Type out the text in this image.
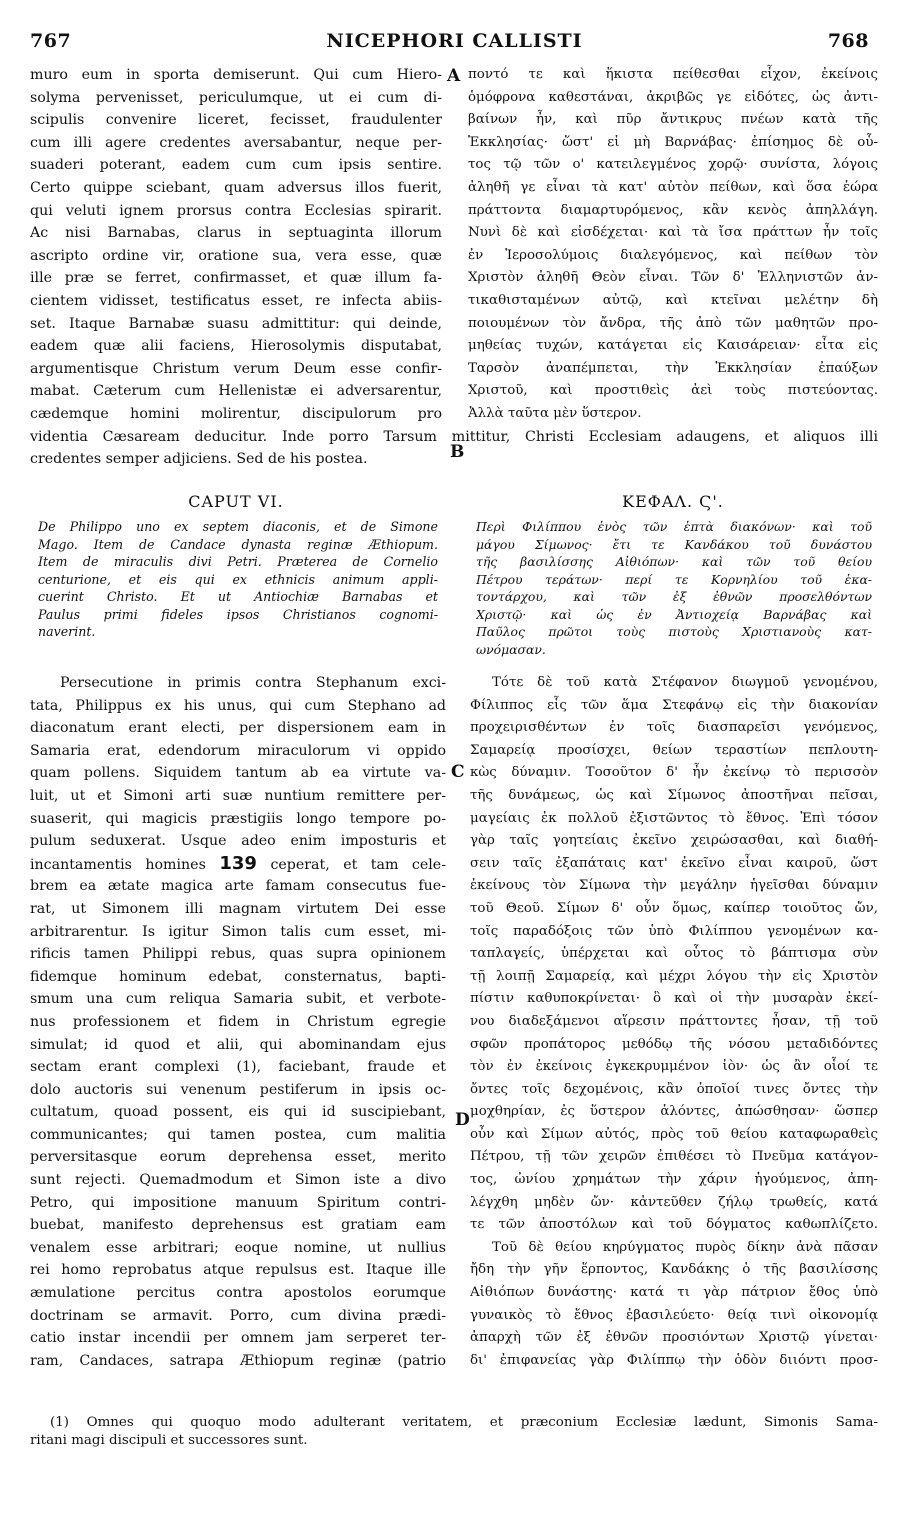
767	NICEPHORI CALLISTI	768
muro eum in sporta demiserunt. Qui cum Hiero-
solyma pervenisset, periculumque, ut ei cum di-
scipulis convenire liceret, fecisset, fraudulenter
cum illi agere credentes aversabantur, neque per-
suaderi poterant, eadem cum cum ipsis sentire.
Certo quippe sciebant, quam adversus illos fuerit,
qui veluti ignem prorsus contra Ecclesias spirarit.
Ac nisi Barnabas, clarus in septuaginta illorum
ascripto ordine vir, oratione sua, vera esse, quæ
ille præ se ferret, confirmasset, et quæ illum fa-
cientem vidisset, testificatus esset, re infecta abiis-
set. Itaque Barnabæ suasu admittitur: qui deinde,
eadem quæ alii faciens, Hierosolymis disputabat,
argumentisque Christum verum Deum esse confir-
mabat. Cæterum cum Hellenistæ ei adversarentur,
cædemque homini molirentur, discipulorum pro
ποντό τε καὶ ἥκιστα πείθεσθαι εἶχον, ἐκείνοις
ὁμόφρονα καθεστάναι, ἀκριβῶς γε εἰδότες, ὡς ἀντι-
βαίνων ἦν, καὶ πῦρ ἄντικρυς πνέων κατὰ τῆς
Ἐκκλησίας· ὥστ' εἰ μὴ Βαρνάβας· ἐπίσημος δὲ οὗ-
τος τῷ τῶν ο' κατειλεγμένος χορῷ· συνίστα, λόγοις
ἀληθῆ γε εἶναι τὰ κατ' αὐτὸν πείθων, καὶ ὅσα ἑώρα
πράττοντα διαμαρτυρόμενος, κἂν κενὸς ἀπηλλάγη.
Νυνὶ δὲ καὶ εἰσδέχεται· καὶ τὰ ἴσα πράττων ἦν τοῖς
ἐν Ἱεροσολύμοις διαλεγόμενος, καὶ πείθων τὸν
Χριστὸν ἀληθῆ Θεὸν εἶναι. Τῶν δ' Ἑλληνιστῶν ἀν-
τικαθισταμένων αὐτῷ, καὶ κτεῖναι μελέτην δὴ
ποιουμένων τὸν ἄνδρα, τῆς ἀπὸ τῶν μαθητῶν προ-
μηθείας τυχών, κατάγεται εἰς Καισάρειαν· εἶτα εἰς
Ταρσὸν ἀναπέμπεται, τὴν Ἐκκλησίαν ἐπαύξων
Χριστοῦ, καὶ προστιθεὶς ἀεὶ τοὺς πιστεύοντας.
Ἀλλὰ ταῦτα μὲν ὕστερον.
A
B
C
D
videntia Cæsaream deducitur. Inde porro Tarsum mittitur, Christi Ecclesiam adaugens, et aliquos illi
credentes semper adjiciens. Sed de his postea.
CAPUT VI.	ΚΕΦΑΛ. Ϛ'.
De Philippo uno ex septem diaconis, et de Simone
Mago. Item de Candace dynasta reginæ Æthiopum.
Item de miraculis divi Petri. Præterea de Cornelio
centurione, et eis qui ex ethnicis animum appli-
cuerint Christo. Et ut Antiochiæ Barnabas et
Paulus primi fideles ipsos Christianos cognomi-
naverint.
Περὶ Φιλίππου ἑνὸς τῶν ἑπτὰ διακόνων· καὶ τοῦ
μάγου Σίμωνος· ἔτι τε Κανδάκου τοῦ δυνάστου
τῆς βασιλίσσης Αἰθιόπων· καὶ τῶν τοῦ θείου
Πέτρου τεράτων· περί τε Κορνηλίου τοῦ ἑκα-
τοντάρχου, καὶ τῶν ἐξ ἐθνῶν προσελθόντων
Χριστῷ· καὶ ὡς ἐν Ἀντιοχείᾳ Βαρνάβας καὶ
Παῦλος πρῶτοι τοὺς πιστοὺς Χριστιανοὺς κατ-
ωνόμασαν.
Persecutione in primis contra Stephanum exci-
tata, Philippus ex his unus, qui cum Stephano ad
diaconatum erant electi, per dispersionem eam in
Samaria erat, edendorum miraculorum vi oppido
quam pollens. Siquidem tantum ab ea virtute va-
luit, ut et Simoni arti suæ nuntium remittere per-
suaserit, qui magicis præstigiis longo tempore po-
pulum seduxerat. Usque adeo enim imposturis et
incantamentis homines 139 ceperat, et tam cele-
brem ea ætate magica arte famam consecutus fue-
rat, ut Simonem illi magnam virtutem Dei esse
arbitrarentur. Is igitur Simon talis cum esset, mi-
rificis tamen Philippi rebus, quas supra opinionem
fidemque hominum edebat, consternatus, bapti-
smum una cum reliqua Samaria subit, et verbote-
nus professionem et fidem in Christum egregie
simulat; id quod et alii, qui abominandam ejus
sectam erant complexi (1), faciebant, fraude et
dolo auctoris sui venenum pestiferum in ipsis oc-
cultatum, quoad possent, eis qui id suscipiebant,
communicantes; qui tamen postea, cum malitia
perversitasque eorum deprehensa esset, merito
sunt rejecti. Quemadmodum et Simon iste a divo
Petro, qui impositione manuum Spiritum contri-
buebat, manifesto deprehensus est gratiam eam
venalem esse arbitrari; eoque nomine, ut nullius
rei homo reprobatus atque repulsus est. Itaque ille
æmulatione percitus contra apostolos eorumque
doctrinam se armavit. Porro, cum divina prædi-
catio instar incendii per omnem jam serperet ter-
ram, Candaces, satrapa Æthiopum reginæ (patrio
Τότε δὲ τοῦ κατὰ Στέφανον διωγμοῦ γενομένου,
Φίλιππος εἷς τῶν ἅμα Στεφάνῳ εἰς τὴν διακονίαν
προχειρισθέντων ἐν τοῖς διασπαρεῖσι γενόμενος,
Σαμαρείᾳ προσίσχει, θείων τεραστίων πεπλουτη-
κὼς δύναμιν. Τοσοῦτον δ' ἦν ἐκείνῳ τὸ περισσὸν
τῆς δυνάμεως, ὡς καὶ Σίμωνος ἀποστῆναι πεῖσαι,
μαγείαις ἐκ πολλοῦ ἐξιστῶντος τὸ ἔθνος. Ἐπὶ τόσον
γὰρ ταῖς γοητείαις ἐκεῖνο χειρώσασθαι, καὶ διαθή-
σειν ταῖς ἐξαπάταις κατ' ἐκεῖνο εἶναι καιροῦ, ὥστ
ἐκείνους τὸν Σίμωνα τὴν μεγάλην ἡγεῖσθαι δύναμιν
τοῦ Θεοῦ. Σίμων δ' οὖν ὅμως, καίπερ τοιοῦτος ὤν,
τοῖς παραδόξοις τῶν ὑπὸ Φιλίππου γενομένων κα-
ταπλαγείς, ὑπέρχεται καὶ οὗτος τὸ βάπτισμα σὺν
τῇ λοιπῇ Σαμαρείᾳ, καὶ μέχρι λόγου τὴν εἰς Χριστὸν
πίστιν καθυποκρίνεται· ὃ καὶ οἱ τὴν μυσαρὰν ἐκεί-
νου διαδεξάμενοι αἵρεσιν πράττοντες ἦσαν, τῇ τοῦ
σφῶν προπάτορος μεθόδῳ τῆς νόσου μεταδιδόντες
τὸν ἐν ἐκείνοις ἐγκεκρυμμένον ἰὸν· ὡς ἂν οἷοί τε
ὄντες τοῖς δεχομένοις, κἂν ὁποῖοί τινες ὄντες τὴν
μοχθηρίαν, ἐς ὕστερον ἁλόντες, ἀπώσθησαν· ὥσπερ
οὖν καὶ Σίμων αὐτός, πρὸς τοῦ θείου καταφωραθεὶς
Πέτρου, τῇ τῶν χειρῶν ἐπιθέσει τὸ Πνεῦμα κατάγον-
τος, ὠνίου χρημάτων τὴν χάριν ἡγούμενος, ἀπη-
λέγχθη μηδὲν ὤν· κἀντεῦθεν ζήλῳ τρωθείς, κατά
τε τῶν ἀποστόλων καὶ τοῦ δόγματος καθωπλίζετο.
Τοῦ δὲ θείου κηρύγματος πυρὸς δίκην ἀνὰ πᾶσαν
ἤδη τὴν γῆν ἕρποντος, Κανδάκης ὁ τῆς βασιλίσσης
Αἰθιόπων δυνάστης· κατά τι γὰρ πάτριον ἔθος ὑπὸ
γυναικὸς τὸ ἔθνος ἐβασιλεύετο· θείᾳ τινὶ οἰκονομίᾳ
ἀπαρχὴ τῶν ἐξ ἐθνῶν προσιόντων Χριστῷ γίνεται·
δι' ἐπιφανείας γὰρ Φιλίππῳ τὴν ὁδὸν διιόντι προσ-
(1) Omnes qui quoquo modo adulterant veritatem, et præconium Ecclesiæ lædunt, Simonis Sama-
ritani magi discipuli et successores sunt.
